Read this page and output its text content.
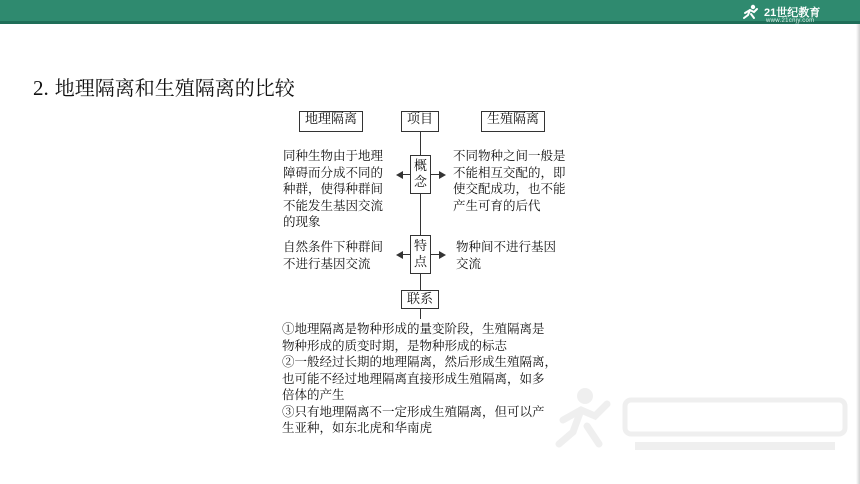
21世纪教育
www.21cnjy.com
2. 地理隔离和生殖隔离的比较
地理隔离	项目	生殖隔离
概
念
同种生物由于地理
障碍而分成不同的
种群，使得种群间
不能发生基因交流
的现象
不同物种之间一般是
不能相互交配的，即
使交配成功，也不能
产生可育的后代
特
点
自然条件下种群间
不进行基因交流
物种间不进行基因
交流
联系
①地理隔离是物种形成的量变阶段，生殖隔离是
物种形成的质变时期，是物种形成的标志
②一般经过长期的地理隔离，然后形成生殖隔离，
也可能不经过地理隔离直接形成生殖隔离，如多
倍体的产生
③只有地理隔离不一定形成生殖隔离，但可以产
生亚种，如东北虎和华南虎
